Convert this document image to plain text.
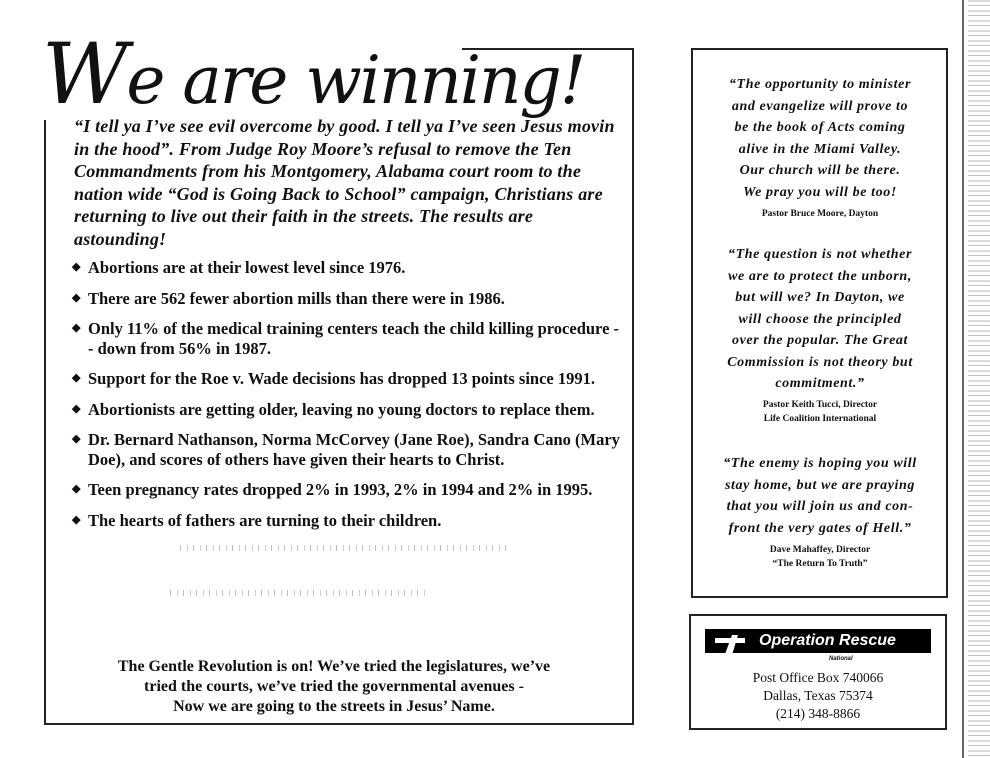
We are winning!
“I tell ya I’ve see evil overcome by good. I tell ya I’ve seen Jesus movin in the hood”. From Judge Roy Moore’s refusal to remove the Ten Commandments from his Montgomery, Alabama court room to the nation wide “God is Going Back to School” campaign, Christians are returning to live out their faith in the streets. The results are astounding!
◆ Abortions are at their lowest level since 1976.
◆ There are 562 fewer abortion mills than there were in 1986.
◆ Only 11% of the medical training centers teach the child killing procedure - - down from 56% in 1987.
◆ Support for the Roe v. Wade decisions has dropped 13 points since 1991.
◆ Abortionists are getting older, leaving no young doctors to replace them.
◆ Dr. Bernard Nathanson, Norma McCorvey (Jane Roe), Sandra Cano (Mary Doe), and scores of others have given their hearts to Christ.
◆ Teen pregnancy rates dropped 2% in 1993, 2% in 1994 and 2% in 1995.
◆ The hearts of fathers are turning to their children.
The Gentle Revolution is on! We’ve tried the legislatures, we’ve
tried the courts, we’ve tried the governmental avenues -
Now we are going to the streets in Jesus’ Name.
“The opportunity to minister
and evangelize will prove to
be the book of Acts coming
alive in the Miami Valley.
Our church will be there.
We pray you will be too!
Pastor Bruce Moore, Dayton
“The question is not whether
we are to protect the unborn,
but will we? In Dayton, we
will choose the principled
over the popular. The Great
Commission is not theory but
commitment.”
Pastor Keith Tucci, Director
Life Coalition International
“The enemy is hoping you will
stay home, but we are praying
that you will join us and con-
front the very gates of Hell.”
Dave Mahaffey, Director
“The Return To Truth”
Operation Rescue
National
Post Office Box 740066
Dallas, Texas 75374
(214) 348-8866
